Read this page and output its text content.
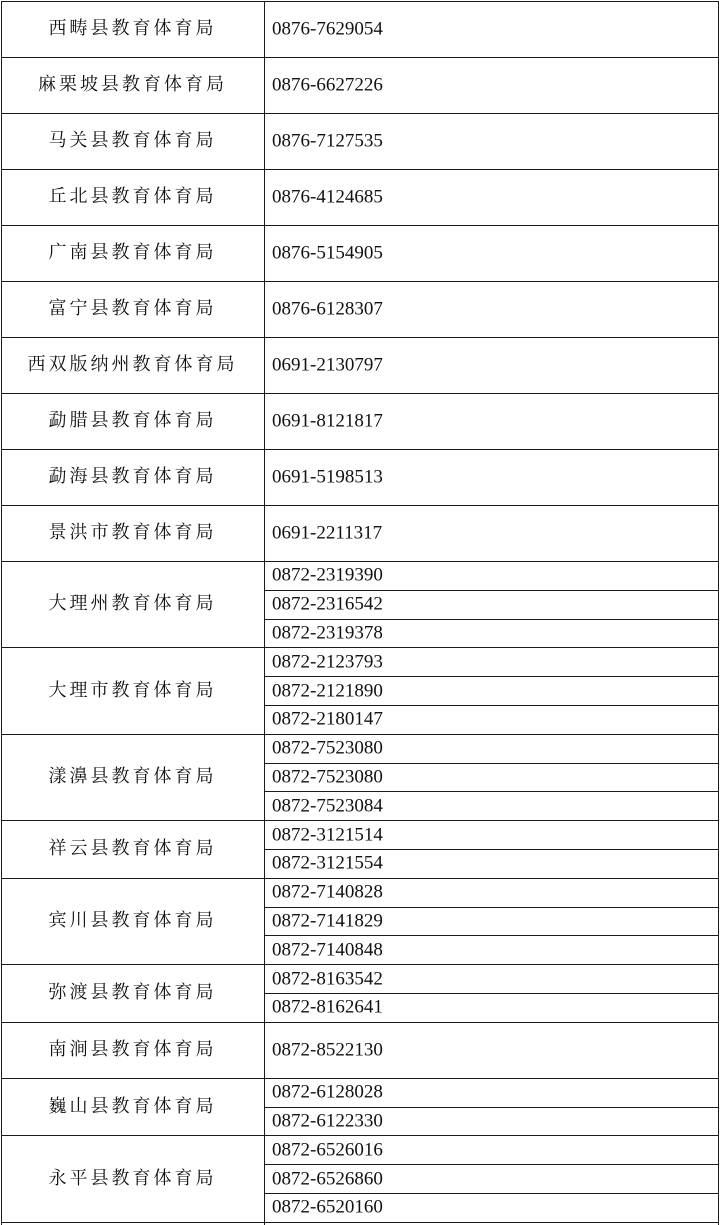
西畴县教育体育局	0876-7629054
麻栗坡县教育体育局 0876-6627226
马关县教育体育局	0876-7127535
丘北县教育体育局	0876-4124685
广南县教育体育局	0876-5154905
富宁县教育体育局	0876-6128307
西双版纳州教育体育局 0691-2130797
勐腊县教育体育局	0691-8121817
勐海县教育体育局	0691-5198513
景洪市教育体育局	0691-2211317
大理州教育体育局
0872-2319390
0872-2316542
0872-2319378
大理市教育体育局
0872-2123793
0872-2121890
0872-2180147
漾濞县教育体育局
0872-7523080
0872-7523080
0872-7523084
祥云县教育体育局
0872-3121514
0872-3121554
宾川县教育体育局
0872-7140828
0872-7141829
0872-7140848
弥渡县教育体育局
0872-8163542
0872-8162641
南涧县教育体育局	0872-8522130
巍山县教育体育局
0872-6128028
0872-6122330
永平县教育体育局
0872-6526016
0872-6526860
0872-6520160
